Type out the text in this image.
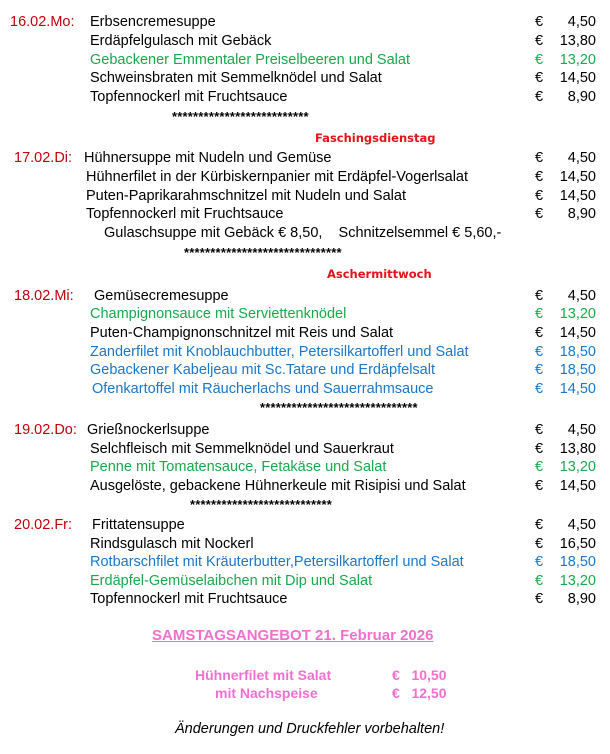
16.02.Mo: Erbsencremesuppe	€ 4,50
Erdäpfelgulasch mit Gebäck	€ 13,80
Gebackener Emmentaler Preiselbeeren und Salat	€ 13,20
Schweinsbraten mit Semmelknödel und Salat	€ 14,50
Topfennockerl mit Fruchtsauce	€ 8,90
**************************
Faschingsdienstag
17.02.Di: Hühnersuppe mit Nudeln und Gemüse	€ 4,50
Hühnerfilet in der Kürbiskernpanier mit Erdäpfel-Vogerlsalat	€ 14,50
Puten-Paprikarahmschnitzel mit Nudeln und Salat	€ 14,50
Topfennockerl mit Fruchtsauce	€ 8,90
Gulaschsuppe mit Gebäck € 8,50,    Schnitzelsemmel € 5,60,-
******************************
Aschermittwoch
18.02.Mi: Gemüsecremesuppe	€ 4,50
Champignonsauce mit Serviettenknödel	€ 13,20
Puten-Champignonschnitzel mit Reis und Salat	€ 14,50
Zanderfilet mit Knoblauchbutter, Petersilkartofferl und Salat	€ 18,50
Gebackener Kabeljeau mit Sc.Tatare und Erdäpfelsalt	€ 18,50
Ofenkartoffel mit Räucherlachs und Sauerrahmsauce	€ 14,50
******************************
19.02.Do: Grießnockerlsuppe	€ 4,50
Selchfleisch mit Semmelknödel und Sauerkraut	€ 13,80
Penne mit Tomatensauce, Fetakäse und Salat	€ 13,20
Ausgelöste, gebackene Hühnerkeule mit Risipisi und Salat	€ 14,50
***************************
20.02.Fr: Frittatensuppe	€ 4,50
Rindsgulasch mit Nockerl	€ 16,50
Rotbarschfilet mit Kräuterbutter,Petersilkartofferl und Salat	€ 18,50
Erdäpfel-Gemüselaibchen mit Dip und Salat	€ 13,20
Topfennockerl mit Fruchtsauce	€ 8,90
SAMSTAGSANGEBOT 21. Februar 2026
Hühnerfilet mit Salat	€   10,50
mit Nachspeise	€   12,50
Änderungen und Druckfehler vorbehalten!
